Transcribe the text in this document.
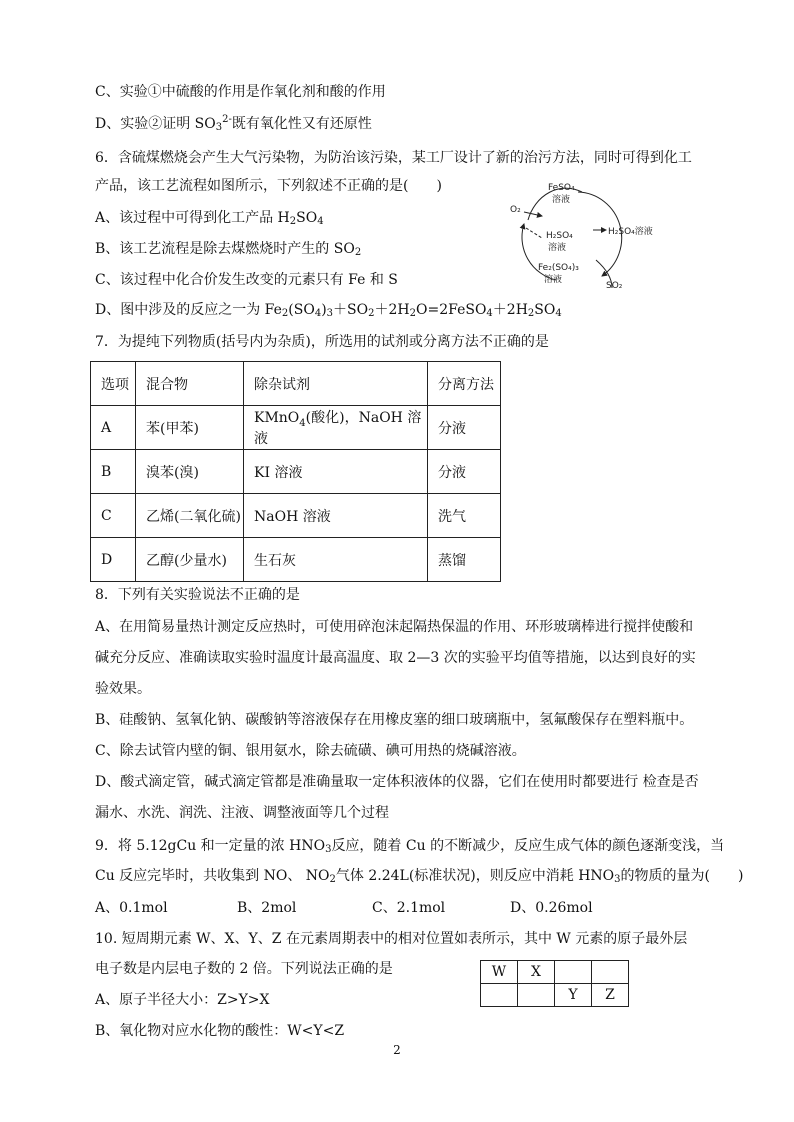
C、实验①中硫酸的作用是作氧化剂和酸的作用
D、实验②证明 $SO_3^{2-}$既有氧化性又有还原性
6．含硫煤燃烧会产生大气污染物，为防治该污染，某工厂设计了新的治污方法，同时可得到化工
产品，该工艺流程如图所示，下列叙述不正确的是(　　)
A、该过程中可得到化工产品 $H_2SO_4$
B、该工艺流程是除去煤燃烧时产生的 $SO_2$
C、该过程中化合价发生改变的元素只有 Fe 和 S
D、图中涉及的反应之一为 $Fe_2(SO_4)_3+SO_2+2H_2O=2FeSO_4+2H_2SO_4$
FeSO₄
溶液
O₂
H₂SO₄
溶液
H₂SO₄溶液
Fe₂(SO₄)₃
溶液
SO₂
7．为提纯下列物质(括号内为杂质)，所选用的试剂或分离方法不正确的是
选项	混合物	除杂试剂	分离方法
A	苯(甲苯)	KMnO$_4$(酸化)，NaOH 溶液	分液
B	溴苯(溴)	KI 溶液	分液
C	乙烯(二氧化硫)	NaOH 溶液	洗气
D	乙醇(少量水)	生石灰	蒸馏
8．下列有关实验说法不正确的是
A、在用简易量热计测定反应热时，可使用碎泡沫起隔热保温的作用、环形玻璃棒进行搅拌使酸和
碱充分反应、准确读取实验时温度计最高温度、取 2—3 次的实验平均值等措施，以达到良好的实
验效果。
B、硅酸钠、氢氧化钠、碳酸钠等溶液保存在用橡皮塞的细口玻璃瓶中，氢氟酸保存在塑料瓶中。
C、除去试管内壁的铜、银用氨水，除去硫磺、碘可用热的烧碱溶液。
D、酸式滴定管，碱式滴定管都是准确量取一定体积液体的仪器，它们在使用时都要进行 检查是否
漏水、水洗、润洗、注液、调整液面等几个过程
9．将 5.12gCu 和一定量的浓 $HNO_3$反应，随着 Cu 的不断减少，反应生成气体的颜色逐渐变浅，当
Cu 反应完毕时，共收集到 NO、 $NO_2$气体 2.24L(标准状况)，则反应中消耗 $HNO_3$的物质的量为(　　)
A、0.1mol	B、2mol	C、2.1mol	D、0.26mol
10. 短周期元素 W、X、Y、Z 在元素周期表中的相对位置如表所示，其中 W 元素的原子最外层
电子数是内层电子数的 2 倍。下列说法正确的是
A、原子半径大小：Z>Y>X
B、氧化物对应水化物的酸性：W<Y<Z
W	X		
		Y	Z
2
